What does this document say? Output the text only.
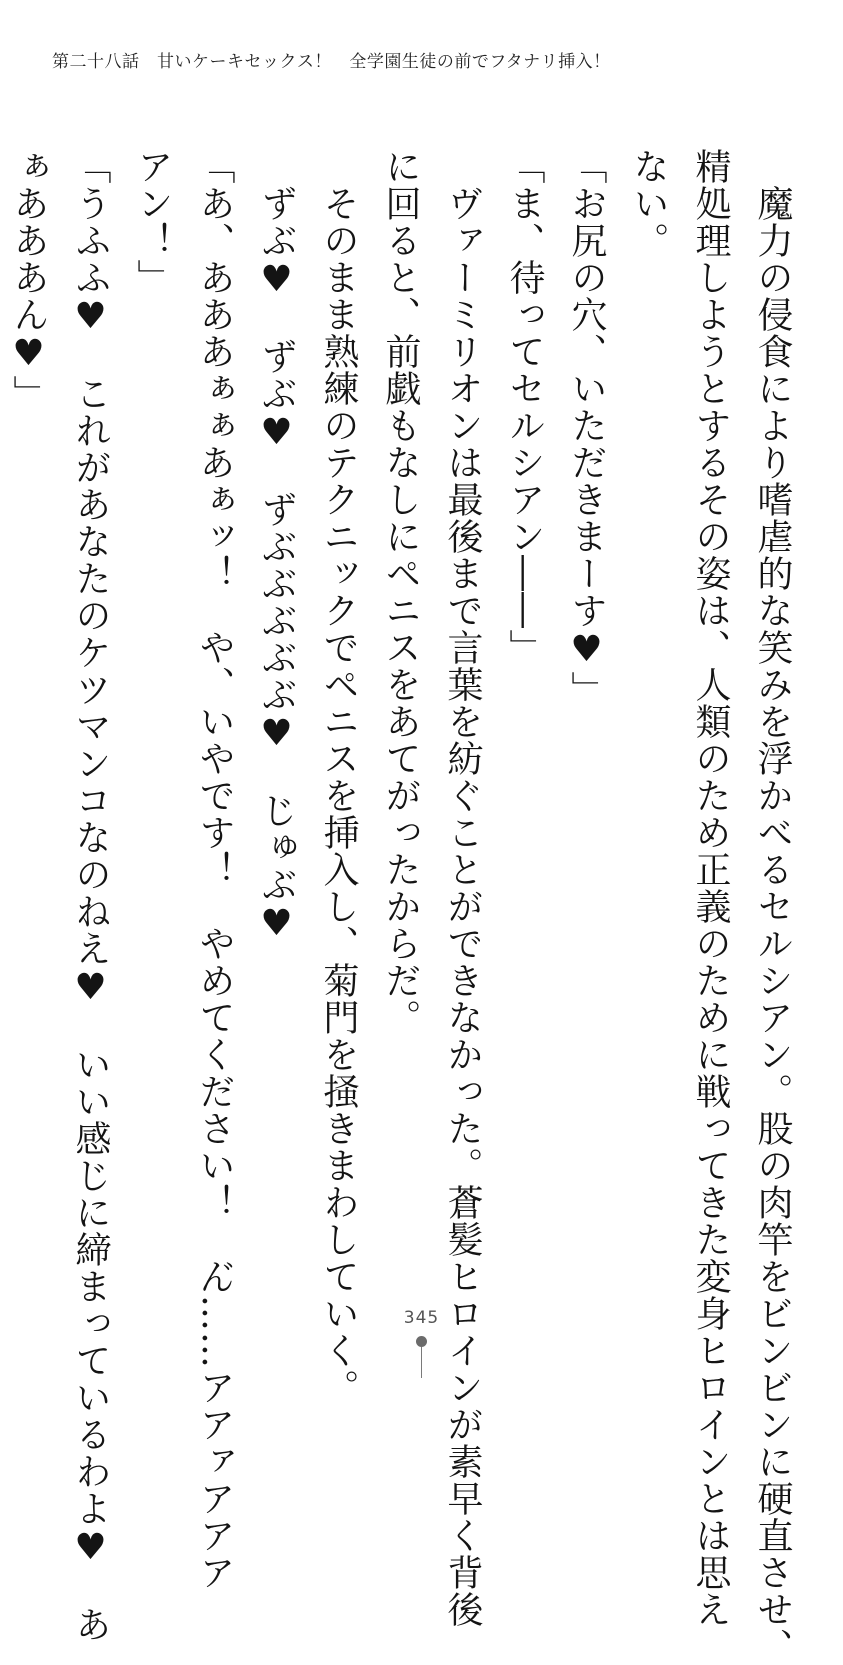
第二十八話　甘いケーキセックス！　全学園生徒の前でフタナリ挿入！
　魔力の侵食により嗜虐的な笑みを浮かべるセルシアン。股の肉竿をビンビンに硬直させ、
精処理しようとするその姿は、人類のため正義のために戦ってきた変身ヒロインとは思え
ない。
「お尻の穴、いただきまーす♥」
「ま、待ってセルシアン――」
　ヴァーミリオンは最後まで言葉を紡ぐことができなかった。蒼髪ヒロインが素早く背後
に回ると、前戯もなしにペニスをあてがったからだ。
　そのまま熟練のテクニックでペニスを挿入し、菊門を掻きまわしていく。
　ずぶ♥　ずぶ♥　ずぶぶぶぶぶ♥　じゅぶ♥
「あ、あああぁぁあぁッ！　や、いやです！　やめてください！　ん゙……アアァアアア
アン！」
「うふふ♥　これがあなたのケツマンコなのねえ♥　いい感じに締まっているわよ♥　あ
ぁあああん♥」
345
